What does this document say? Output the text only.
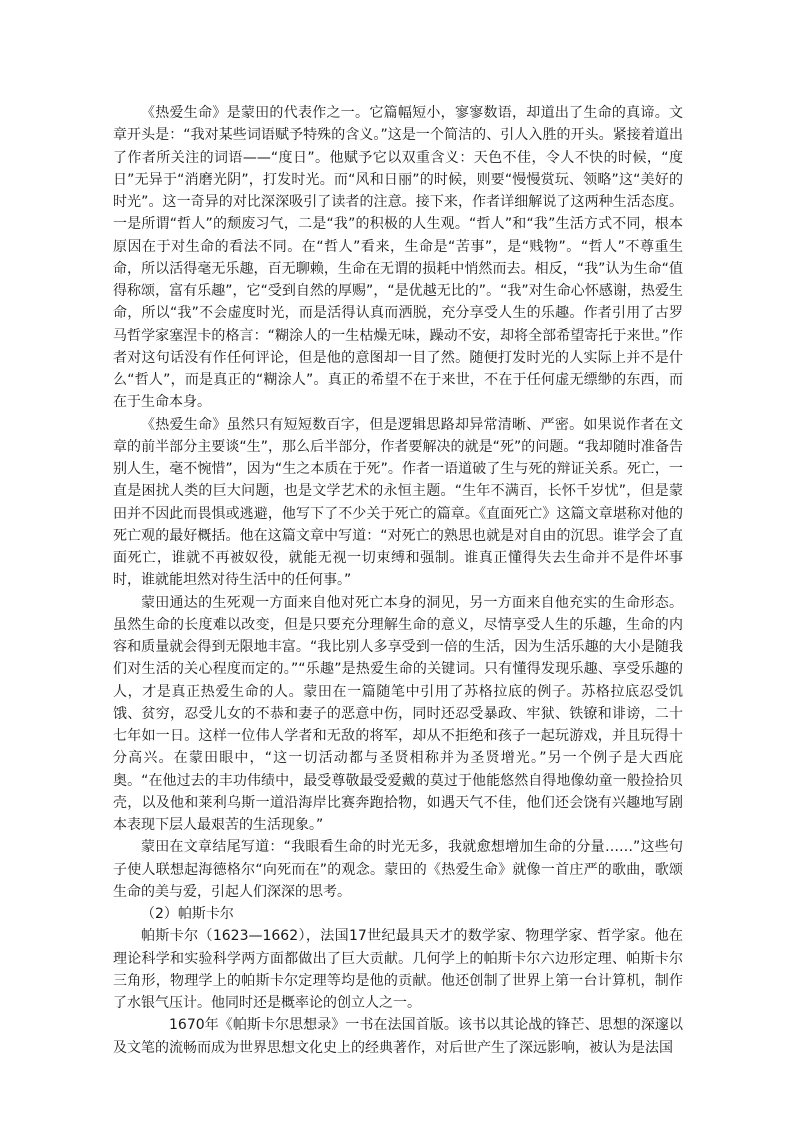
《热爱生命》是蒙田的代表作之一。它篇幅短小，寥寥数语，却道出了生命的真谛。文章开头是：“我对某些词语赋予特殊的含义。”这是一个简洁的、引人入胜的开头。紧接着道出了作者所关注的词语——“度日”。他赋予它以双重含义：天色不佳，令人不快的时候，“度日”无异于“消磨光阴”，打发时光。而“风和日丽”的时候，则要“慢慢赏玩、领略”这“美好的时光”。这一奇异的对比深深吸引了读者的注意。接下来，作者详细解说了这两种生活态度。一是所谓“哲人”的颓废习气，二是“我”的积极的人生观。“哲人”和“我”生活方式不同，根本原因在于对生命的看法不同。在“哲人”看来，生命是“苦事”，是“贱物”。“哲人”不尊重生命，所以活得毫无乐趣，百无聊赖，生命在无谓的损耗中悄然而去。相反，“我”认为生命“值得称颂，富有乐趣”，它“受到自然的厚赐”，“是优越无比的”。“我”对生命心怀感谢，热爱生命，所以“我”不会虚度时光，而是活得认真而洒脱，充分享受人生的乐趣。作者引用了古罗马哲学家塞涅卡的格言：“糊涂人的一生枯燥无味，躁动不安，却将全部希望寄托于来世。”作者对这句话没有作任何评论，但是他的意图却一目了然。随便打发时光的人实际上并不是什么“哲人”，而是真正的“糊涂人”。真正的希望不在于来世，不在于任何虚无缥缈的东西，而在于生命本身。

《热爱生命》虽然只有短短数百字，但是逻辑思路却异常清晰、严密。如果说作者在文章的前半部分主要谈“生”，那么后半部分，作者要解决的就是“死”的问题。“我却随时准备告别人生，毫不惋惜”，因为“生之本质在于死”。作者一语道破了生与死的辩证关系。死亡，一直是困扰人类的巨大问题，也是文学艺术的永恒主题。“生年不满百，长怀千岁忧”，但是蒙田并不因此而畏惧或逃避，他写下了不少关于死亡的篇章。《直面死亡》这篇文章堪称对他的死亡观的最好概括。他在这篇文章中写道：“对死亡的熟思也就是对自由的沉思。谁学会了直面死亡，谁就不再被奴役，就能无视一切束缚和强制。谁真正懂得失去生命并不是件坏事时，谁就能坦然对待生活中的任何事。”

蒙田通达的生死观一方面来自他对死亡本身的洞见，另一方面来自他充实的生命形态。虽然生命的长度难以改变，但是只要充分理解生命的意义，尽情享受人生的乐趣，生命的内容和质量就会得到无限地丰富。“我比别人多享受到一倍的生活，因为生活乐趣的大小是随我们对生活的关心程度而定的。”“乐趣”是热爱生命的关键词。只有懂得发现乐趣、享受乐趣的人，才是真正热爱生命的人。蒙田在一篇随笔中引用了苏格拉底的例子。苏格拉底忍受饥饿、贫穷，忍受儿女的不恭和妻子的恶意中伤，同时还忍受暴政、牢狱、铁镣和诽谤，二十七年如一日。这样一位伟人学者和无敌的将军，却从不拒绝和孩子一起玩游戏，并且玩得十分高兴。在蒙田眼中，“这一切活动都与圣贤相称并为圣贤增光。”另一个例子是大西庇奥。“在他过去的丰功伟绩中，最受尊敬最受爱戴的莫过于他能悠然自得地像幼童一般捡拾贝壳，以及他和莱利乌斯一道沿海岸比赛奔跑拾物，如遇天气不佳，他们还会饶有兴趣地写剧本表现下层人最艰苦的生活现象。”

蒙田在文章结尾写道：“我眼看生命的时光无多，我就愈想增加生命的分量……”这些句子使人联想起海德格尔“向死而在”的观念。蒙田的《热爱生命》就像一首庄严的歌曲，歌颂生命的美与爱，引起人们深深的思考。

（2）帕斯卡尔

帕斯卡尔（1623—1662），法国17世纪最具天才的数学家、物理学家、哲学家。他在理论科学和实验科学两方面都做出了巨大贡献。几何学上的帕斯卡尔六边形定理、帕斯卡尔三角形，物理学上的帕斯卡尔定理等均是他的贡献。他还创制了世界上第一台计算机，制作了水银气压计。他同时还是概率论的创立人之一。

1670年《帕斯卡尔思想录》一书在法国首版。该书以其论战的锋芒、思想的深邃以及文笔的流畅而成为世界思想文化史上的经典著作，对后世产生了深远影响，被认为是法国
